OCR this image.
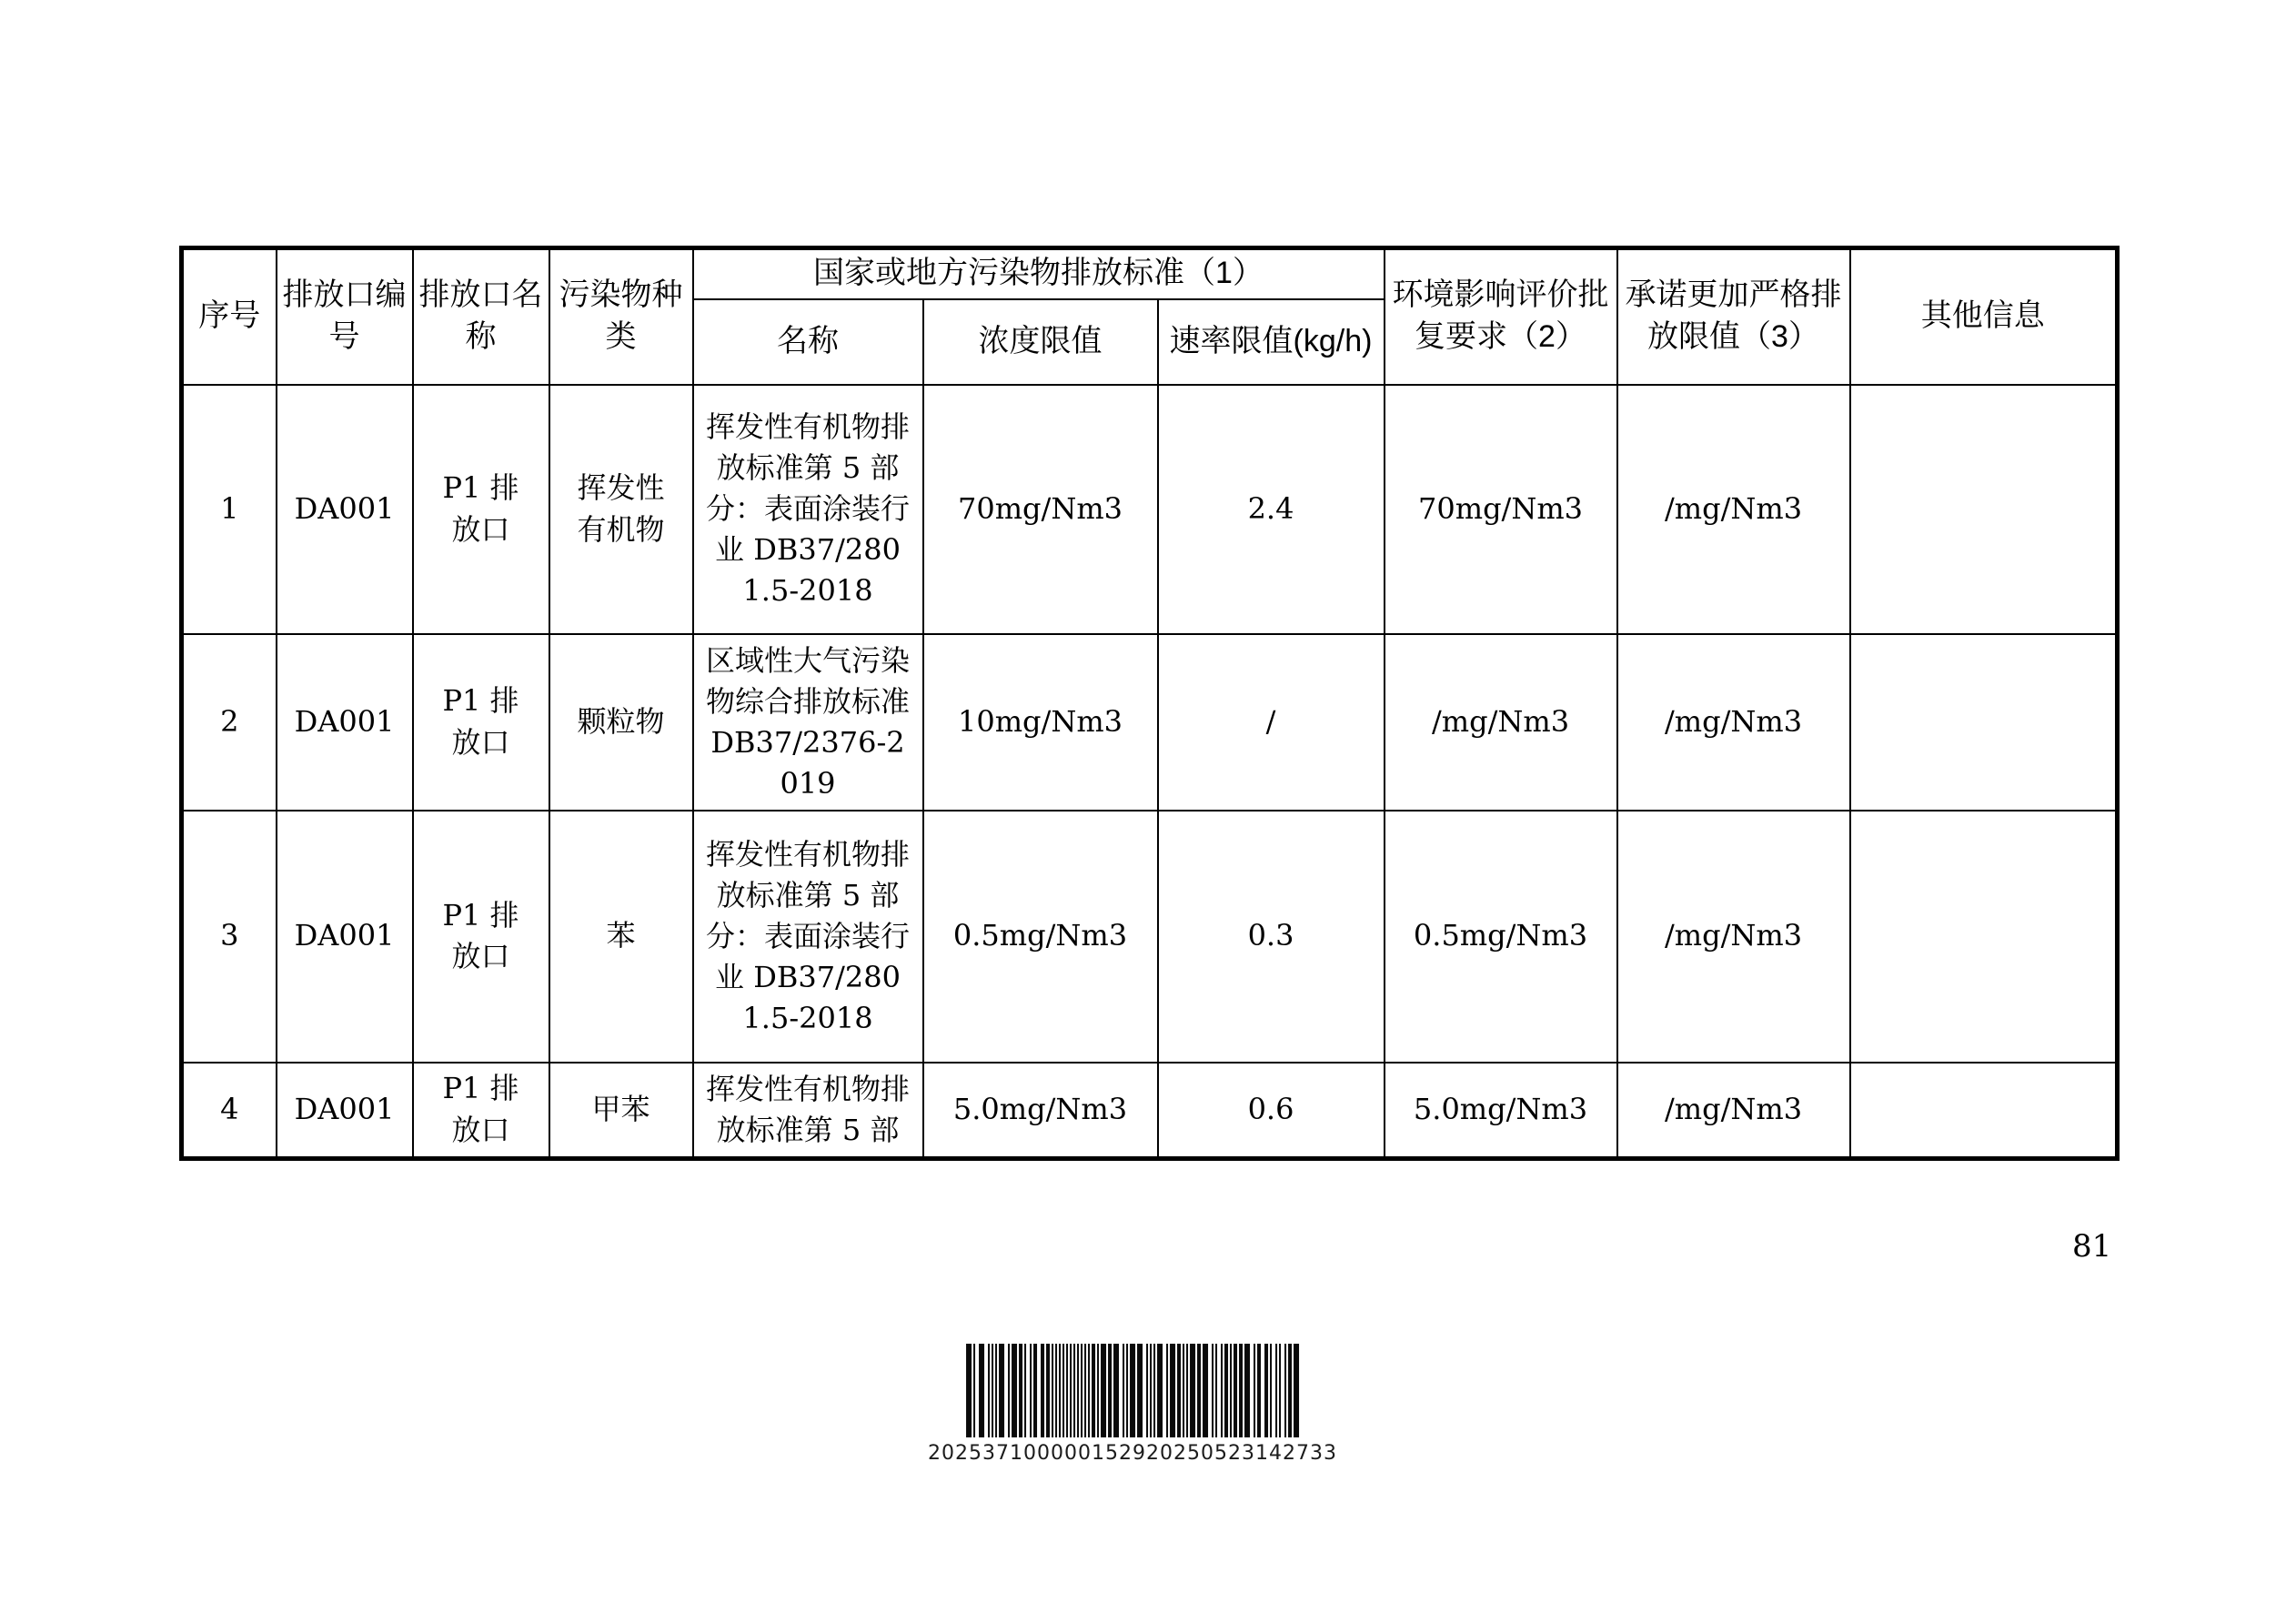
序号	排放口编号	排放口名称	污染物种类	国家或地方污染物排放标准（1）			环境影响评价批复要求（2）	承诺更加严格排放限值（3）	其他信息
				名称	浓度限值	速率限值(kg/h)			
1	DA001	P1 排放口	挥发性有机物	挥发性有机物排放标准第 5 部分：表面涂装行业 DB37/2801.5-2018	70mg/Nm3	2.4	70mg/Nm3	/mg/Nm3	
2	DA001	P1 排放口	颗粒物	区域性大气污染物综合排放标准 DB37/2376-2019	10mg/Nm3	/	/mg/Nm3	/mg/Nm3	
3	DA001	P1 排放口	苯	挥发性有机物排放标准第 5 部分：表面涂装行业 DB37/2801.5-2018	0.5mg/Nm3	0.3	0.5mg/Nm3	/mg/Nm3	
4	DA001	P1 排放口	甲苯	挥发性有机物排放标准第 5 部	5.0mg/Nm3	0.6	5.0mg/Nm3	/mg/Nm3	
81
202537100000152920250523142733
